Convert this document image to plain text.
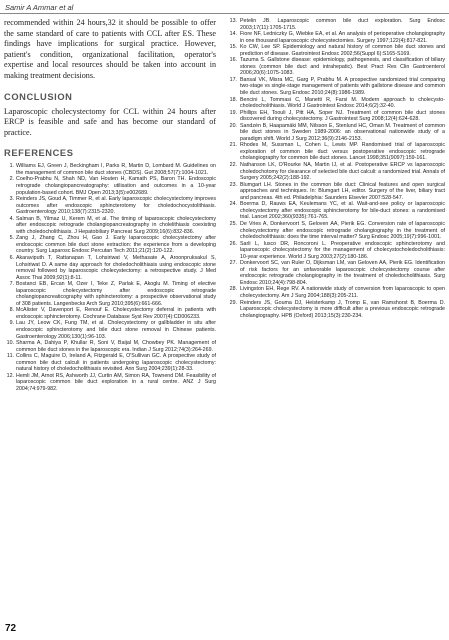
Samir A Ammar et al

recommended within 24 hours,32 it should be possible to offer the same standard of care to patients with CCL after ES. These findings have implications for surgical practice. However, patient's condition, organizational facilitation, operator's expertise and local resources should be taken into account in making treatment decisions.

CONCLUSION

Laparoscopic cholecystectomy for CCL within 24 hours after ERCP is feasible and safe and has become our standard of practice.

REFERENCES
1. Williams EJ, Green J, Beckingham I, Parks R, Martin D, Lombard M. Guidelines on the management of common bile duct stones (CBDS). Gut 2008;57(7):1004-1021.
2. Coelho-Prabhu N, Shah ND, Van Houten H, Kamath PS, Baron TH. Endoscopic retrograde cholangiopancreatography: utilisation and outcomes in a 10-year population-based cohort. BMJ Open 2013;3(5):e002689.
3. Reinders JS, Goud A, Timmer R, et al. Early laparoscopic cholecystectomy improves outcomes after endoscopic sphincterotomy for choledochocystolithiasis. Gastroenterology 2010;138(7):2315-2320.
4. Salman B, Yilmaz U, Kerem M, et al. The timing of laparoscopic cholecystectomy after endoscopic retrograde cholangiopancreatography in cholelithiasis coexisting with choledocholithiasis. J Hepatobiliary Pancreat Surg 2009;16(6):832-836.
5. Zang J, Zhang C, Zhou H, Gao J. Early laparoscopic cholecystectomy after endoscopic common bile duct stone extraction: the experience from a developing country. Surg Laparosc Endosc Percutan Tech 2011;21(2):120-122.
6. Akaraviputh T, Rattanapan T, Lohsiriwat V, Methasate A, Aroonpruksakul S, Lohsiriwat D. A same day approach for choledocholithiasis using endoscopic stone removal followed by laparoscopic cholecystectomy: a retrospective study. J Med Assoc Thai 2009;92(1):8-11.
7. Bostanci EB, Ercan M, Ozer I, Teke Z, Parlak E, Akoglu M. Timing of elective laparoscopic cholecystectomy after endoscopic retrograde cholangiopancreaticography with sphincterotomy: a prospective observational study of 308 patients. Langenbecks Arch Surg 2010;395(6):661-666.
8. McAlister V, Davenport E, Renouf E. Cholecystectomy deferral in patients with endoscopic sphincterotomy. Cochrane Database Syst Rev 2007(4):CD006233.
9. Lau JY, Leow CK, Fung TM, et al. Cholecystectomy or gallbladder in situ after endoscopic sphincterotomy and bile duct stone removal in Chinese patients. Gastroenterology 2006;130(1):96-103.
10. Sharma A, Dahiya P, Khullar R, Soni V, Baijal M, Chowbey PK. Management of common bile duct stones in the laparoscopic era. Indian J Surg 2012;74(3):264-269.
11. Collins C, Maguire D, Ireland A, Fitzgerald E, O'Sullivan GC. A prospective study of common bile duct calculi in patients undergoing laparoscopic cholecystectomy: natural history of choledocholithiasis revisited. Ann Surg 2004;239(1):28-33.
12. Hemli JM, Arnot RS, Ashworth JJ, Curtin AM, Simon RA, Townend DM. Feasibility of laparoscopic common bile duct exploration in a rural centre. ANZ J Surg 2004;74:979-982.
13. Petelin JB. Laparoscopic common bile duct exploration. Surg Endosc 2003;17(11):1705-1715.
14. Fiore NF, Ledniczky G, Wiebke EA, et al. An analysis of perioperative cholangiography in one thousand laparoscopic cholecystectomies. Surgery 1997;122(4):817-821.
15. Ko CW, Lee SP. Epidemiology and natural history of common bile duct stones and prediction of disease. Gastrointest Endosc 2002;56(Suppl 6):S165-S169.
16. Tazuma S. Gallstone disease: epidemiology, pathogenesis, and classification of biliary stones (common bile duct and intrahepatic). Best Pract Res Clin Gastroenterol 2006;20(6):1075-1083.
17. Bansal VK, Misra MC, Garg P, Prabhu M. A prospective randomized trial comparing two-stage vs single-stage management of patients with gallstone disease and common bile duct stones. Surg Endosc 2010;24(8):1986-1989.
18. Bencini L, Tommasi C, Manetti R, Farsi M. Modern approach to cholecysto-choledocholithiasis. World J Gastrointest Endosc 2014;6(2):32-40.
19. Phillips EH, Toouli J, Pitt HA, Soper NJ. Treatment of common bile duct stones discovered during cholecystectomy. J Gastrointest Surg 2008;12(4):624-628.
20. Sandzén B, Haapamäki MM, Nilsson E, Stenlund HC, Oman M. Treatment of common bile duct stones in Sweden 1989-2006: an observational nationwide study of a paradigm shift. World J Surg 2012;36(9):2146-2153.
21. Rhodes M, Sussman L, Cohen L, Lewis MP. Randomised trial of laparoscopic exploration of common bile duct versus postoperative endoscopic retrograde cholangiography for common bile duct stones. Lancet 1998;351(9097):159-161.
22. Nathanson LK, O'Rourke NA, Martin IJ, et al. Postoperative ERCP vs laparoscopic choledochotomy for clearance of selected bile duct calculi: a randomized trial. Annals of Surgery 2005;242(2):188-192.
23. Blumgart LH. Stones in the common bile duct: Clinical features and open surgical approaches and techniques. In: Blumgart LH, editor. Surgery of the liver, biliary tract and pancreas. 4th ed. Philadelphia: Saunders Elsevier 2007:528-547.
24. Boerma D, Rauws EA, Keulemans YC, et al. Wait-and-see policy or laparoscopic cholecystectomy after endoscopic sphincterotomy for bile-duct stones: a randomised trial. Lancet 2002;360(9335):761-765.
25. De Vries A, Donkervoort S, Geloven AA, Pierik EG. Conversion rate of laparoscopic cholecystectomy after endoscopic retrograde cholangiography in the treatment of choledocholithiasis: does the time interval matter? Surg Endosc 2005;19(7):996-1001.
26. Sarli L, Iusco DR, Roncoroni L. Preoperative endoscopic sphincterotomy and laparoscopic cholecystectomy for the management of cholecystocholedocholithiasis: 10-year experience. World J Surg 2003;27(2):180-186.
27. Donkervoort SC, van Ruler O, Dijksman LM, van Geloven AA, Pierik EG. Identification of risk factors for an unfavorable laparoscopic cholecystectomy course after endoscopic retrograde cholangiography in the treatment of choledocholithiasis. Surg Endosc 2010;24(4):798-804.
28. Livingston EH, Rege RV. A nationwide study of conversion from laparoscopic to open cholecystectomy. Am J Surg 2004;188(3):205-211.
29. Reinders JS, Gouma DJ, Heisterkamp J, Tromp E, van Ramshorst B, Boerma D. Laparoscopic cholecystectomy is more difficult after a previous endoscopic retrograde cholangiography. HPB (Oxford) 2013;15(3):230-234.
72
